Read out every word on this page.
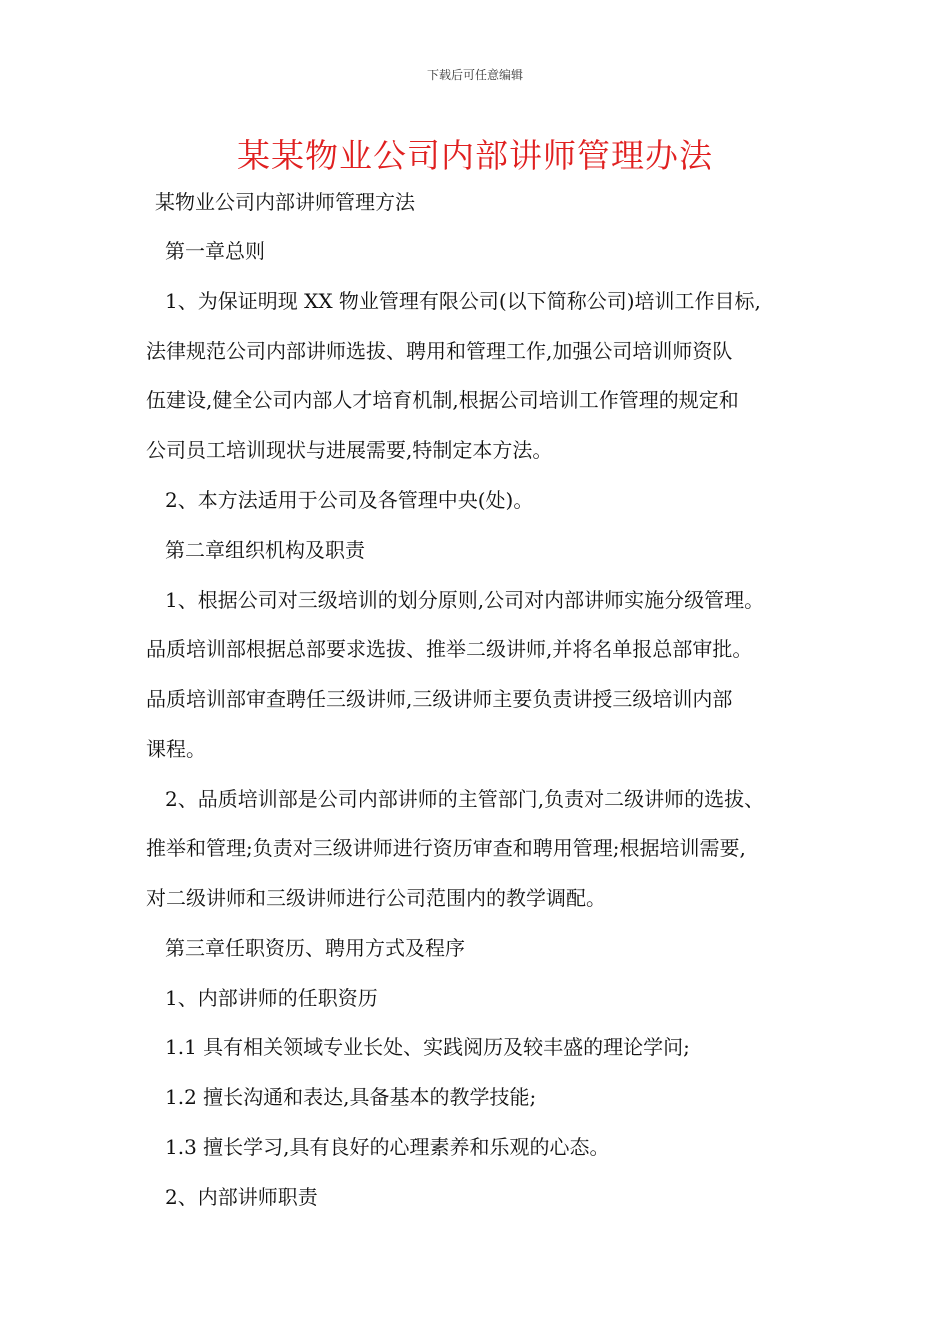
下载后可任意编辑
某某物业公司内部讲师管理办法
某物业公司内部讲师管理方法
第一章总则
1、为保证明现 XX 物业管理有限公司(以下简称公司)培训工作目标,
法律规范公司内部讲师选拔、聘用和管理工作,加强公司培训师资队
伍建设,健全公司内部人才培育机制,根据公司培训工作管理的规定和
公司员工培训现状与进展需要,特制定本方法。
2、本方法适用于公司及各管理中央(处)。
第二章组织机构及职责
1、根据公司对三级培训的划分原则,公司对内部讲师实施分级管理。
品质培训部根据总部要求选拔、推举二级讲师,并将名单报总部审批。
品质培训部审查聘任三级讲师,三级讲师主要负责讲授三级培训内部
课程。
2、品质培训部是公司内部讲师的主管部门,负责对二级讲师的选拔、
推举和管理;负责对三级讲师进行资历审查和聘用管理;根据培训需要,
对二级讲师和三级讲师进行公司范围内的教学调配。
第三章任职资历、聘用方式及程序
1、内部讲师的任职资历
1.1 具有相关领域专业长处、实践阅历及较丰盛的理论学问;
1.2 擅长沟通和表达,具备基本的教学技能;
1.3 擅长学习,具有良好的心理素养和乐观的心态。
2、内部讲师职责
